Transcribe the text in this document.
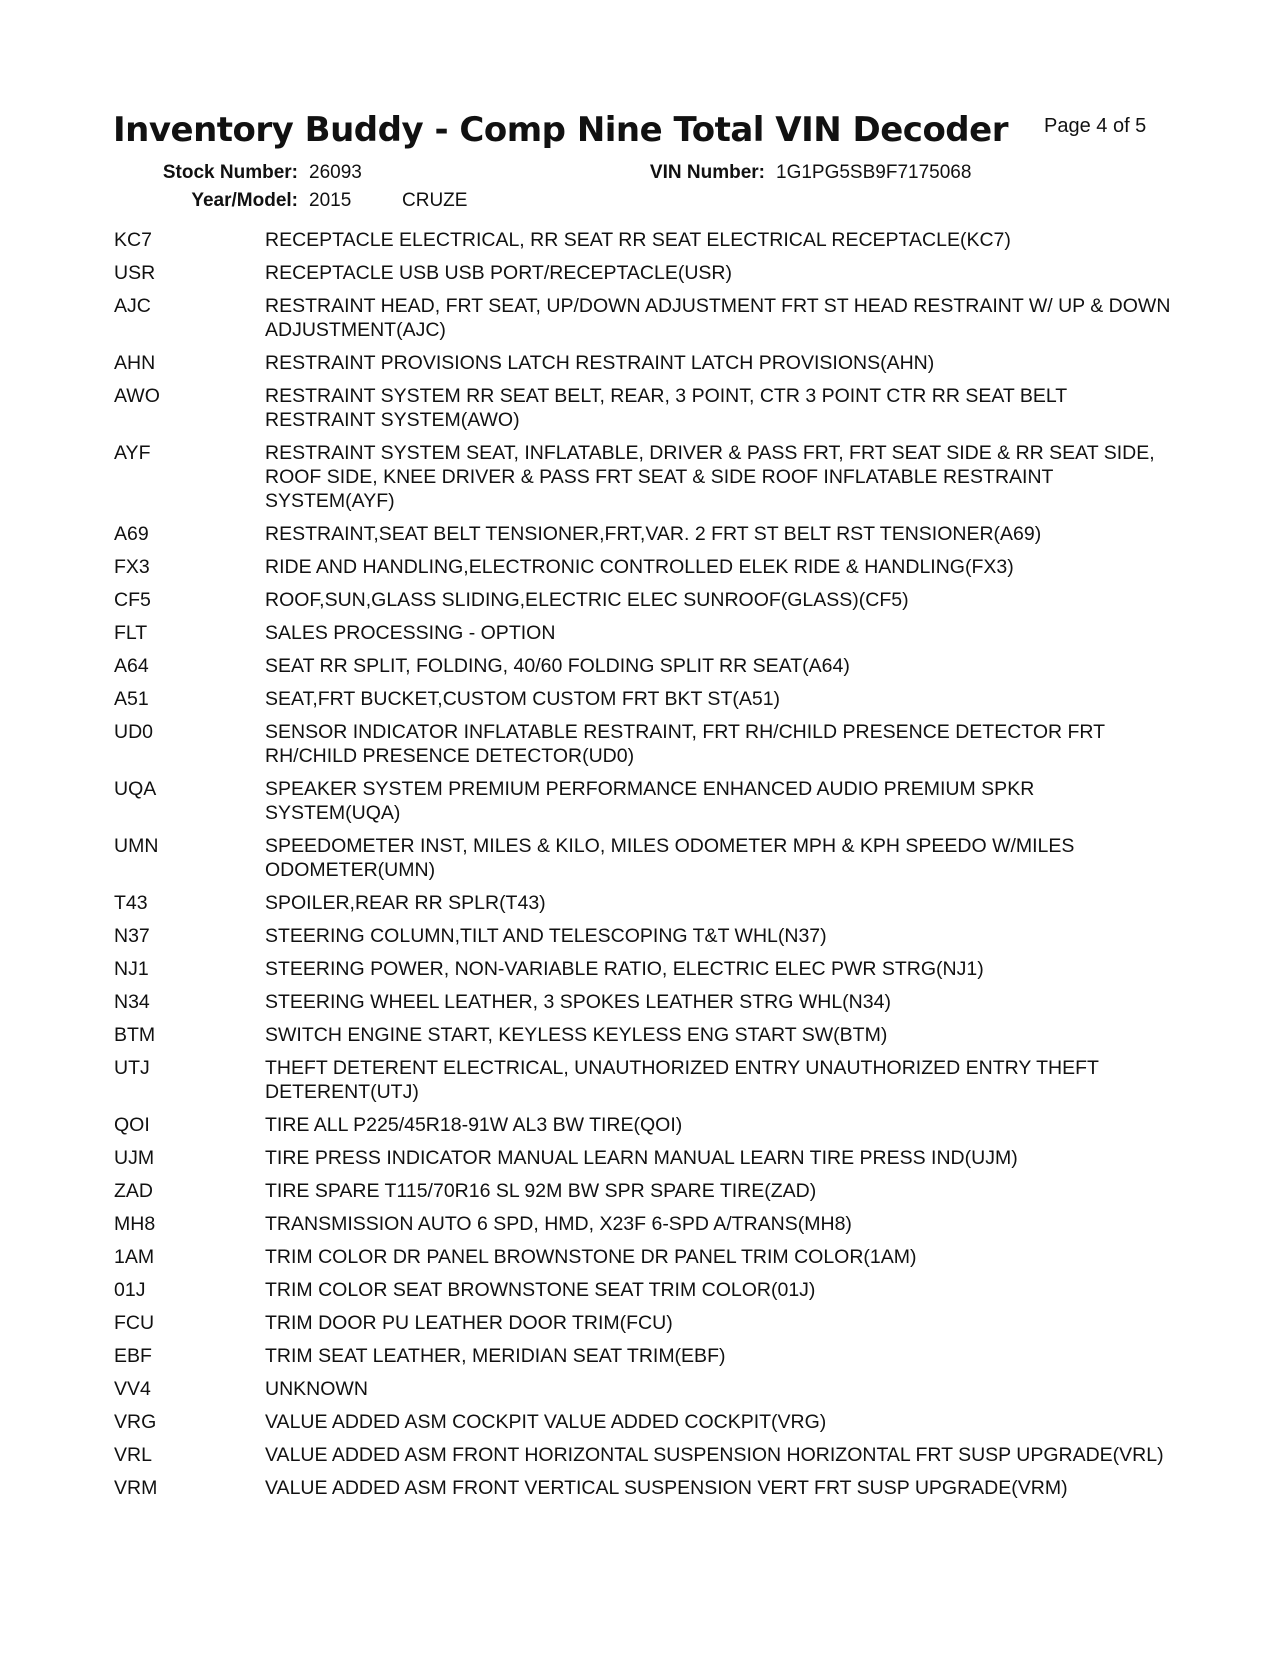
Inventory Buddy - Comp Nine Total VIN Decoder Page 4 of 5
Stock Number: 26093	VIN Number: 1G1PG5SB9F7175068
Year/Model: 2015	CRUZE
KC7	RECEPTACLE ELECTRICAL, RR SEAT RR SEAT ELECTRICAL RECEPTACLE(KC7)
USR	RECEPTACLE USB USB PORT/RECEPTACLE(USR)
AJC	RESTRAINT HEAD, FRT SEAT, UP/DOWN ADJUSTMENT FRT ST HEAD RESTRAINT W/ UP & DOWN ADJUSTMENT(AJC)
AHN	RESTRAINT PROVISIONS LATCH RESTRAINT LATCH PROVISIONS(AHN)
AWO	RESTRAINT SYSTEM RR SEAT BELT, REAR, 3 POINT, CTR 3 POINT CTR RR SEAT BELT RESTRAINT SYSTEM(AWO)
AYF	RESTRAINT SYSTEM SEAT, INFLATABLE, DRIVER & PASS FRT, FRT SEAT SIDE & RR SEAT SIDE, ROOF SIDE, KNEE DRIVER & PASS FRT SEAT & SIDE ROOF INFLATABLE RESTRAINT SYSTEM(AYF)
A69	RESTRAINT,SEAT BELT TENSIONER,FRT,VAR. 2 FRT ST BELT RST TENSIONER(A69)
FX3	RIDE AND HANDLING,ELECTRONIC CONTROLLED ELEK RIDE & HANDLING(FX3)
CF5	ROOF,SUN,GLASS SLIDING,ELECTRIC ELEC SUNROOF(GLASS)(CF5)
FLT	SALES PROCESSING - OPTION
A64	SEAT RR SPLIT, FOLDING, 40/60 FOLDING SPLIT RR SEAT(A64)
A51	SEAT,FRT BUCKET,CUSTOM CUSTOM FRT BKT ST(A51)
UD0	SENSOR INDICATOR INFLATABLE RESTRAINT, FRT RH/CHILD PRESENCE DETECTOR FRT RH/CHILD PRESENCE DETECTOR(UD0)
UQA	SPEAKER SYSTEM PREMIUM PERFORMANCE ENHANCED AUDIO PREMIUM SPKR SYSTEM(UQA)
UMN	SPEEDOMETER INST, MILES & KILO, MILES ODOMETER MPH & KPH SPEEDO W/MILES ODOMETER(UMN)
T43	SPOILER,REAR RR SPLR(T43)
N37	STEERING COLUMN,TILT AND TELESCOPING T&T WHL(N37)
NJ1	STEERING POWER, NON-VARIABLE RATIO, ELECTRIC ELEC PWR STRG(NJ1)
N34	STEERING WHEEL LEATHER, 3 SPOKES LEATHER STRG WHL(N34)
BTM	SWITCH ENGINE START, KEYLESS KEYLESS ENG START SW(BTM)
UTJ	THEFT DETERENT ELECTRICAL, UNAUTHORIZED ENTRY UNAUTHORIZED ENTRY THEFT DETERENT(UTJ)
QOI	TIRE ALL P225/45R18-91W AL3 BW TIRE(QOI)
UJM	TIRE PRESS INDICATOR MANUAL LEARN MANUAL LEARN TIRE PRESS IND(UJM)
ZAD	TIRE SPARE T115/70R16 SL 92M BW SPR SPARE TIRE(ZAD)
MH8	TRANSMISSION AUTO 6 SPD, HMD, X23F 6-SPD A/TRANS(MH8)
1AM	TRIM COLOR DR PANEL BROWNSTONE DR PANEL TRIM COLOR(1AM)
01J	TRIM COLOR SEAT BROWNSTONE SEAT TRIM COLOR(01J)
FCU	TRIM DOOR PU LEATHER DOOR TRIM(FCU)
EBF	TRIM SEAT LEATHER, MERIDIAN SEAT TRIM(EBF)
VV4	UNKNOWN
VRG	VALUE ADDED ASM COCKPIT VALUE ADDED COCKPIT(VRG)
VRL	VALUE ADDED ASM FRONT HORIZONTAL SUSPENSION HORIZONTAL FRT SUSP UPGRADE(VRL)
VRM	VALUE ADDED ASM FRONT VERTICAL SUSPENSION VERT FRT SUSP UPGRADE(VRM)
